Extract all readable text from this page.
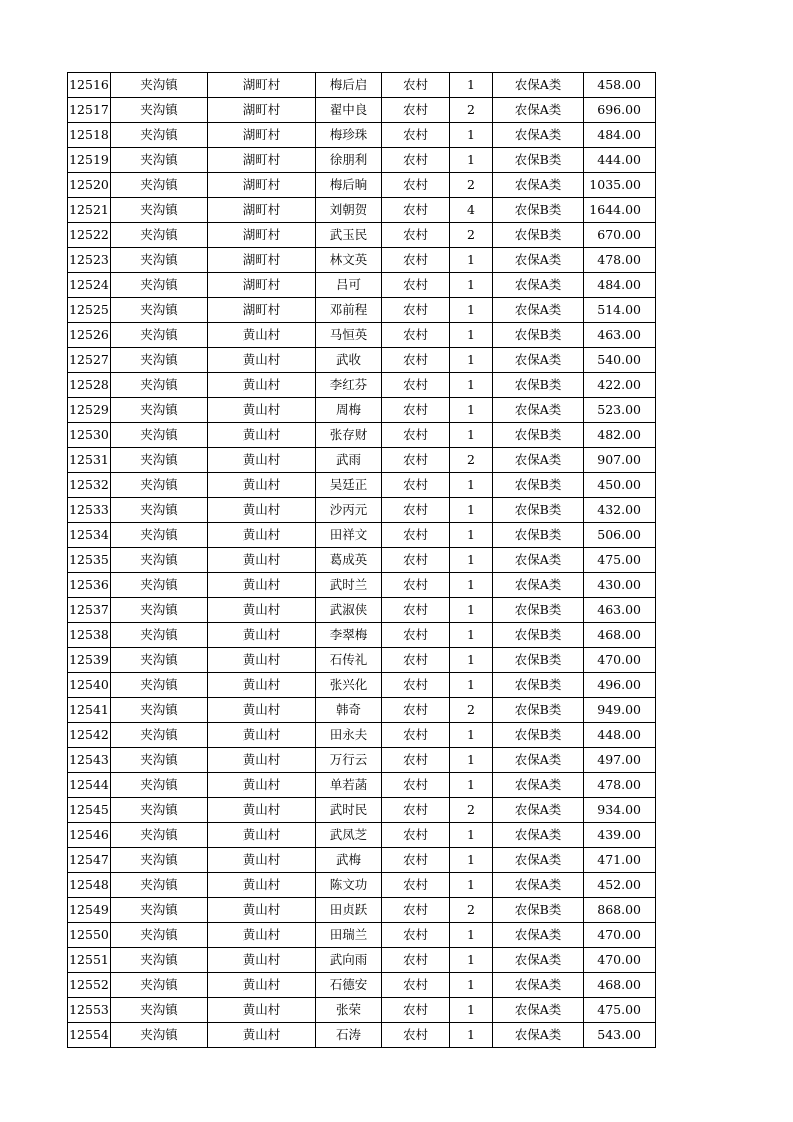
12516	夹沟镇	湖町村	梅后启	农村	1	农保A类	458.00
12517	夹沟镇	湖町村	翟中良	农村	2	农保A类	696.00
12518	夹沟镇	湖町村	梅珍珠	农村	1	农保A类	484.00
12519	夹沟镇	湖町村	徐朋利	农村	1	农保B类	444.00
12520	夹沟镇	湖町村	梅后晌	农村	2	农保A类	1035.00
12521	夹沟镇	湖町村	刘朝贺	农村	4	农保B类	1644.00
12522	夹沟镇	湖町村	武玉民	农村	2	农保B类	670.00
12523	夹沟镇	湖町村	林文英	农村	1	农保A类	478.00
12524	夹沟镇	湖町村	吕可	农村	1	农保A类	484.00
12525	夹沟镇	湖町村	邓前程	农村	1	农保A类	514.00
12526	夹沟镇	黄山村	马恒英	农村	1	农保B类	463.00
12527	夹沟镇	黄山村	武收	农村	1	农保A类	540.00
12528	夹沟镇	黄山村	李红芬	农村	1	农保B类	422.00
12529	夹沟镇	黄山村	周梅	农村	1	农保A类	523.00
12530	夹沟镇	黄山村	张存财	农村	1	农保B类	482.00
12531	夹沟镇	黄山村	武雨	农村	2	农保A类	907.00
12532	夹沟镇	黄山村	吴廷正	农村	1	农保B类	450.00
12533	夹沟镇	黄山村	沙丙元	农村	1	农保B类	432.00
12534	夹沟镇	黄山村	田祥文	农村	1	农保B类	506.00
12535	夹沟镇	黄山村	葛成英	农村	1	农保A类	475.00
12536	夹沟镇	黄山村	武时兰	农村	1	农保A类	430.00
12537	夹沟镇	黄山村	武淑侠	农村	1	农保B类	463.00
12538	夹沟镇	黄山村	李翠梅	农村	1	农保B类	468.00
12539	夹沟镇	黄山村	石传礼	农村	1	农保B类	470.00
12540	夹沟镇	黄山村	张兴化	农村	1	农保B类	496.00
12541	夹沟镇	黄山村	韩奇	农村	2	农保B类	949.00
12542	夹沟镇	黄山村	田永夫	农村	1	农保B类	448.00
12543	夹沟镇	黄山村	万行云	农村	1	农保A类	497.00
12544	夹沟镇	黄山村	单若菡	农村	1	农保A类	478.00
12545	夹沟镇	黄山村	武时民	农村	2	农保A类	934.00
12546	夹沟镇	黄山村	武凤芝	农村	1	农保A类	439.00
12547	夹沟镇	黄山村	武梅	农村	1	农保A类	471.00
12548	夹沟镇	黄山村	陈文功	农村	1	农保A类	452.00
12549	夹沟镇	黄山村	田贞跃	农村	2	农保B类	868.00
12550	夹沟镇	黄山村	田瑞兰	农村	1	农保A类	470.00
12551	夹沟镇	黄山村	武向雨	农村	1	农保A类	470.00
12552	夹沟镇	黄山村	石德安	农村	1	农保A类	468.00
12553	夹沟镇	黄山村	张荣	农村	1	农保A类	475.00
12554	夹沟镇	黄山村	石涛	农村	1	农保A类	543.00
